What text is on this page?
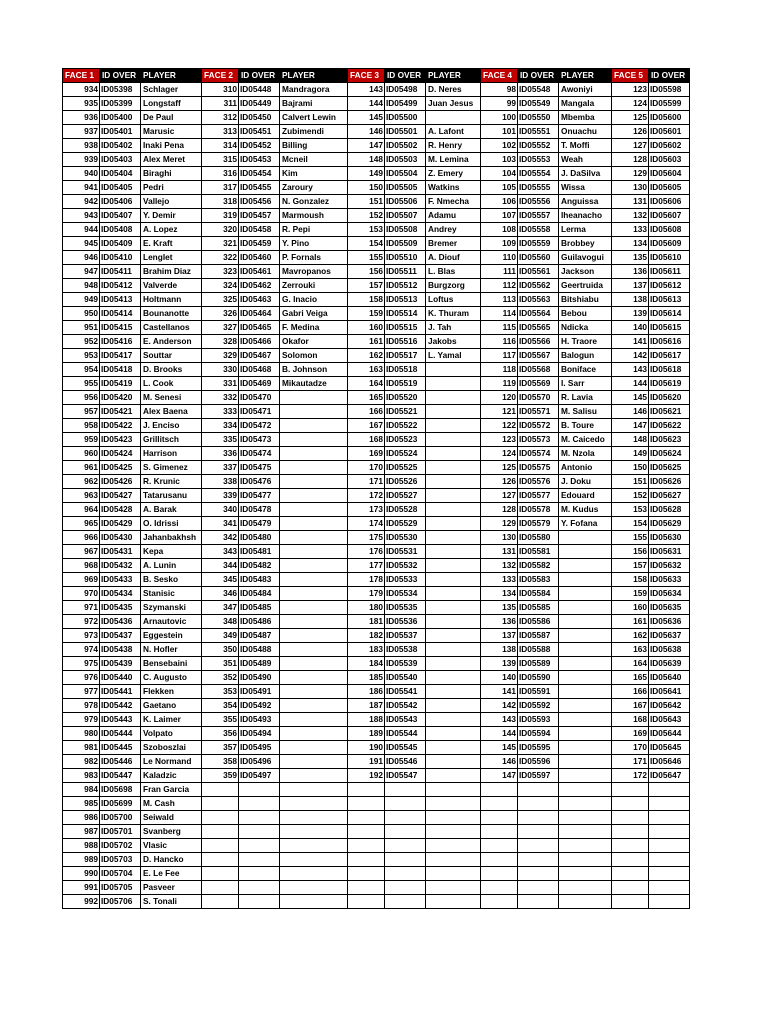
FACE 1	ID OVER	PLAYER	FACE 2	ID OVER	PLAYER	FACE 3	ID OVER	PLAYER	FACE 4	ID OVER	PLAYER	FACE 5	ID OVER
934	ID05398	Schlager	310	ID05448	Mandragora	143	ID05498	D. Neres	98	ID05548	Awoniyi	123	ID05598
935	ID05399	Longstaff	311	ID05449	Bajrami	144	ID05499	Juan Jesus	99	ID05549	Mangala	124	ID05599
936	ID05400	De Paul	312	ID05450	Calvert Lewin	145	ID05500		100	ID05550	Mbemba	125	ID05600
937	ID05401	Marusic	313	ID05451	Zubimendi	146	ID05501	A. Lafont	101	ID05551	Onuachu	126	ID05601
938	ID05402	Inaki Pena	314	ID05452	Billing	147	ID05502	R. Henry	102	ID05552	T. Moffi	127	ID05602
939	ID05403	Alex Meret	315	ID05453	Mcneil	148	ID05503	M. Lemina	103	ID05553	Weah	128	ID05603
940	ID05404	Biraghi	316	ID05454	Kim	149	ID05504	Z. Emery	104	ID05554	J. DaSilva	129	ID05604
941	ID05405	Pedri	317	ID05455	Zaroury	150	ID05505	Watkins	105	ID05555	Wissa	130	ID05605
942	ID05406	Vallejo	318	ID05456	N. Gonzalez	151	ID05506	F. Nmecha	106	ID05556	Anguissa	131	ID05606
943	ID05407	Y. Demir	319	ID05457	Marmoush	152	ID05507	Adamu	107	ID05557	Iheanacho	132	ID05607
944	ID05408	A. Lopez	320	ID05458	R. Pepi	153	ID05508	Andrey	108	ID05558	Lerma	133	ID05608
945	ID05409	E. Kraft	321	ID05459	Y. Pino	154	ID05509	Bremer	109	ID05559	Brobbey	134	ID05609
946	ID05410	Lenglet	322	ID05460	P. Fornals	155	ID05510	A. Diouf	110	ID05560	Guilavogui	135	ID05610
947	ID05411	Brahim Diaz	323	ID05461	Mavropanos	156	ID05511	L. Blas	111	ID05561	Jackson	136	ID05611
948	ID05412	Valverde	324	ID05462	Zerrouki	157	ID05512	Burgzorg	112	ID05562	Geertruida	137	ID05612
949	ID05413	Holtmann	325	ID05463	G. Inacio	158	ID05513	Loftus	113	ID05563	Bitshiabu	138	ID05613
950	ID05414	Bounanotte	326	ID05464	Gabri Veiga	159	ID05514	K. Thuram	114	ID05564	Bebou	139	ID05614
951	ID05415	Castellanos	327	ID05465	F. Medina	160	ID05515	J. Tah	115	ID05565	Ndicka	140	ID05615
952	ID05416	E. Anderson	328	ID05466	Okafor	161	ID05516	Jakobs	116	ID05566	H. Traore	141	ID05616
953	ID05417	Souttar	329	ID05467	Solomon	162	ID05517	L. Yamal	117	ID05567	Balogun	142	ID05617
954	ID05418	D. Brooks	330	ID05468	B. Johnson	163	ID05518		118	ID05568	Boniface	143	ID05618
955	ID05419	L. Cook	331	ID05469	Mikautadze	164	ID05519		119	ID05569	I. Sarr	144	ID05619
956	ID05420	M. Senesi	332	ID05470		165	ID05520		120	ID05570	R. Lavia	145	ID05620
957	ID05421	Alex Baena	333	ID05471		166	ID05521		121	ID05571	M. Salisu	146	ID05621
958	ID05422	J. Enciso	334	ID05472		167	ID05522		122	ID05572	B. Toure	147	ID05622
959	ID05423	Grillitsch	335	ID05473		168	ID05523		123	ID05573	M. Caicedo	148	ID05623
960	ID05424	Harrison	336	ID05474		169	ID05524		124	ID05574	M. Nzola	149	ID05624
961	ID05425	S. Gimenez	337	ID05475		170	ID05525		125	ID05575	Antonio	150	ID05625
962	ID05426	R. Krunic	338	ID05476		171	ID05526		126	ID05576	J. Doku	151	ID05626
963	ID05427	Tatarusanu	339	ID05477		172	ID05527		127	ID05577	Edouard	152	ID05627
964	ID05428	A. Barak	340	ID05478		173	ID05528		128	ID05578	M. Kudus	153	ID05628
965	ID05429	O. Idrissi	341	ID05479		174	ID05529		129	ID05579	Y. Fofana	154	ID05629
966	ID05430	Jahanbakhsh	342	ID05480		175	ID05530		130	ID05580		155	ID05630
967	ID05431	Kepa	343	ID05481		176	ID05531		131	ID05581		156	ID05631
968	ID05432	A. Lunin	344	ID05482		177	ID05532		132	ID05582		157	ID05632
969	ID05433	B. Sesko	345	ID05483		178	ID05533		133	ID05583		158	ID05633
970	ID05434	Stanisic	346	ID05484		179	ID05534		134	ID05584		159	ID05634
971	ID05435	Szymanski	347	ID05485		180	ID05535		135	ID05585		160	ID05635
972	ID05436	Arnautovic	348	ID05486		181	ID05536		136	ID05586		161	ID05636
973	ID05437	Eggestein	349	ID05487		182	ID05537		137	ID05587		162	ID05637
974	ID05438	N. Hofler	350	ID05488		183	ID05538		138	ID05588		163	ID05638
975	ID05439	Bensebaini	351	ID05489		184	ID05539		139	ID05589		164	ID05639
976	ID05440	C. Augusto	352	ID05490		185	ID05540		140	ID05590		165	ID05640
977	ID05441	Flekken	353	ID05491		186	ID05541		141	ID05591		166	ID05641
978	ID05442	Gaetano	354	ID05492		187	ID05542		142	ID05592		167	ID05642
979	ID05443	K. Laimer	355	ID05493		188	ID05543		143	ID05593		168	ID05643
980	ID05444	Volpato	356	ID05494		189	ID05544		144	ID05594		169	ID05644
981	ID05445	Szoboszlai	357	ID05495		190	ID05545		145	ID05595		170	ID05645
982	ID05446	Le Normand	358	ID05496		191	ID05546		146	ID05596		171	ID05646
983	ID05447	Kaladzic	359	ID05497		192	ID05547		147	ID05597		172	ID05647
984	ID05698	Fran Garcia											
985	ID05699	M. Cash											
986	ID05700	Seiwald											
987	ID05701	Svanberg											
988	ID05702	Vlasic											
989	ID05703	D. Hancko											
990	ID05704	E. Le Fee											
991	ID05705	Pasveer											
992	ID05706	S. Tonali											
